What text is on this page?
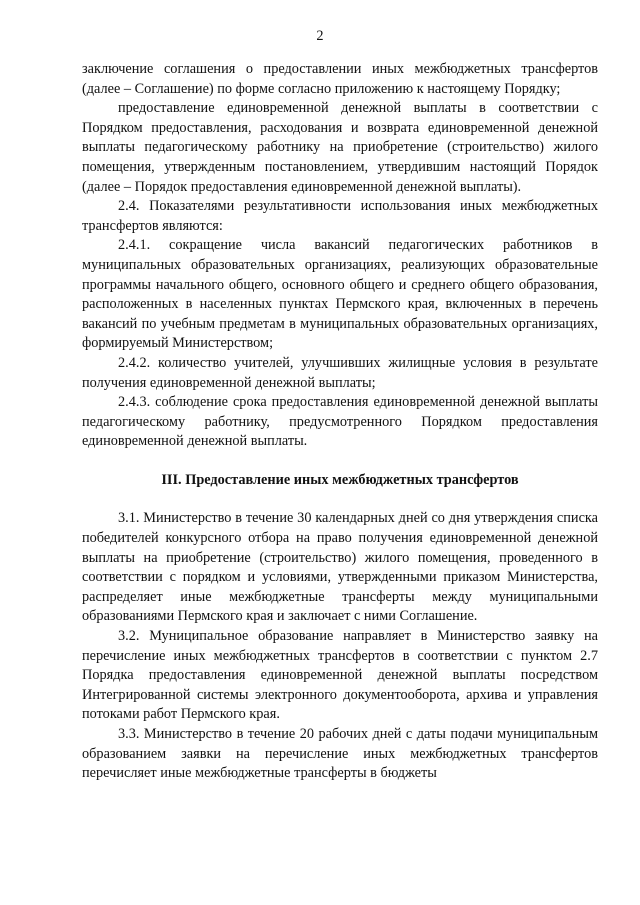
2

заключение соглашения о предоставлении иных межбюджетных трансфертов (далее – Соглашение) по форме согласно приложению к настоящему Порядку;

предоставление единовременной денежной выплаты в соответствии с Порядком предоставления, расходования и возврата единовременной денежной выплаты педагогическому работнику на приобретение (строительство) жилого помещения, утвержденным постановлением, утвердившим настоящий Порядок (далее – Порядок предоставления единовременной денежной выплаты).

2.4. Показателями результативности использования иных межбюджетных трансфертов являются:

2.4.1. сокращение числа вакансий педагогических работников в муниципальных образовательных организациях, реализующих образовательные программы начального общего, основного общего и среднего общего образования, расположенных в населенных пунктах Пермского края, включенных в перечень вакансий по учебным предметам в муниципальных образовательных организациях, формируемый Министерством;

2.4.2. количество учителей, улучшивших жилищные условия в результате получения единовременной денежной выплаты;

2.4.3. соблюдение срока предоставления единовременной денежной выплаты педагогическому работнику, предусмотренного Порядком предоставления единовременной денежной выплаты.

III. Предоставление иных межбюджетных трансфертов

3.1. Министерство в течение 30 календарных дней со дня утверждения списка победителей конкурсного отбора на право получения единовременной денежной выплаты на приобретение (строительство) жилого помещения, проведенного в соответствии с порядком и условиями, утвержденными приказом Министерства, распределяет иные межбюджетные трансферты между муниципальными образованиями Пермского края и заключает с ними Соглашение.

3.2. Муниципальное образование направляет в Министерство заявку на перечисление иных межбюджетных трансфертов в соответствии с пунктом 2.7 Порядка предоставления единовременной денежной выплаты посредством Интегрированной системы электронного документооборота, архива и управления потоками работ Пермского края.

3.3. Министерство в течение 20 рабочих дней с даты подачи муниципальным образованием заявки на перечисление иных межбюджетных трансфертов перечисляет иные межбюджетные трансферты в бюджеты
